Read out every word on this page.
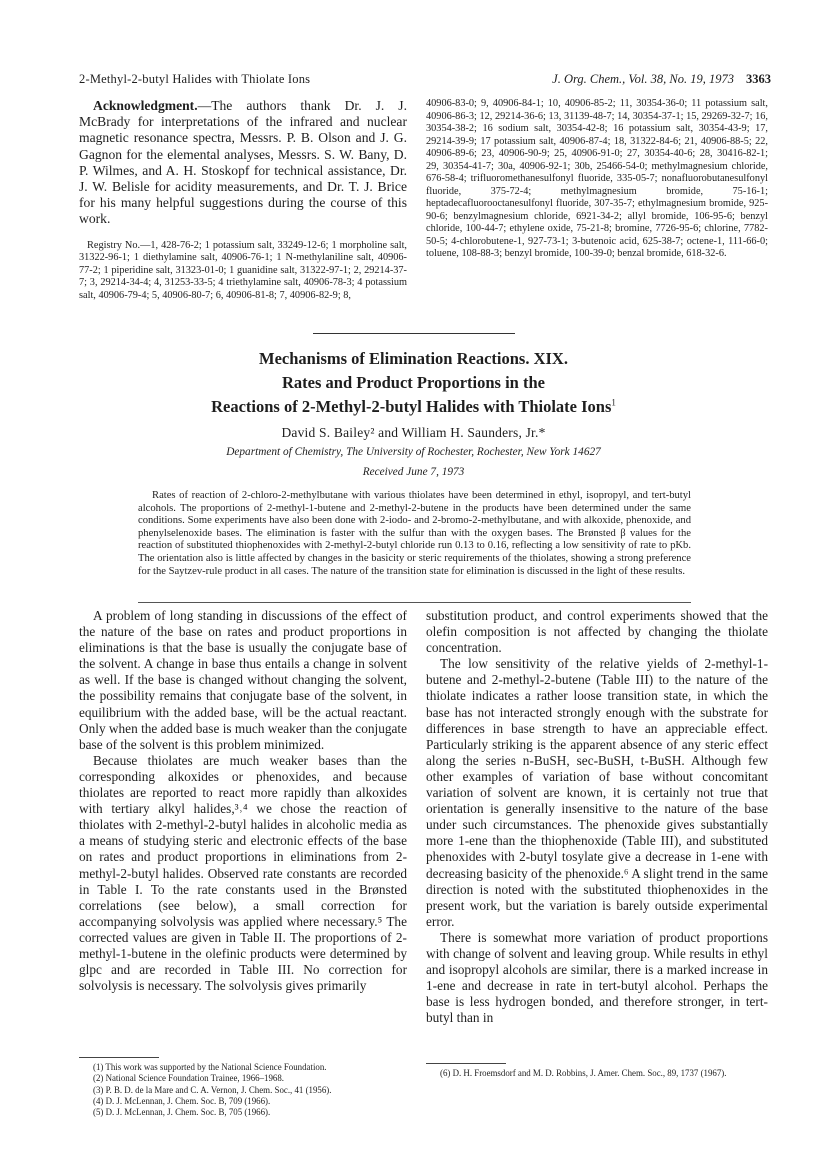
2-Methyl-2-butyl Halides with Thiolate Ions	J. Org. Chem., Vol. 38, No. 19, 1973 3363

Acknowledgment.—The authors thank Dr. J. J. McBrady for interpretations of the infrared and nuclear magnetic resonance spectra, Messrs. P. B. Olson and J. G. Gagnon for the elemental analyses, Messrs. S. W. Bany, D. P. Wilmes, and A. H. Stoskopf for technical assistance, Dr. J. W. Belisle for acidity measurements, and Dr. T. J. Brice for his many helpful suggestions during the course of this work.

Registry No.—1, 428-76-2; 1 potassium salt, 33249-12-6; 1 morpholine salt, 31322-96-1; 1 diethylamine salt, 40906-76-1; 1 N-methylaniline salt, 40906-77-2; 1 piperidine salt, 31323-01-0; 1 guanidine salt, 31322-97-1; 2, 29214-37-7; 3, 29214-34-4; 4, 31253-33-5; 4 triethylamine salt, 40906-78-3; 4 potassium salt, 40906-79-4; 5, 40906-80-7; 6, 40906-81-8; 7, 40906-82-9; 8,

40906-83-0; 9, 40906-84-1; 10, 40906-85-2; 11, 30354-36-0; 11 potassium salt, 40906-86-3; 12, 29214-36-6; 13, 31139-48-7; 14, 30354-37-1; 15, 29269-32-7; 16, 30354-38-2; 16 sodium salt, 30354-42-8; 16 potassium salt, 30354-43-9; 17, 29214-39-9; 17 potassium salt, 40906-87-4; 18, 31322-84-6; 21, 40906-88-5; 22, 40906-89-6; 23, 40906-90-9; 25, 40906-91-0; 27, 30354-40-6; 28, 30416-82-1; 29, 30354-41-7; 30a, 40906-92-1; 30b, 25466-54-0; methylmagnesium chloride, 676-58-4; trifluoromethanesulfonyl fluoride, 335-05-7; nonafluorobutanesulfonyl fluoride, 375-72-4; methylmagnesium bromide, 75-16-1; heptadecafluorooctanesulfonyl fluoride, 307-35-7; ethylmagnesium bromide, 925-90-6; benzylmagnesium chloride, 6921-34-2; allyl bromide, 106-95-6; benzyl chloride, 100-44-7; ethylene oxide, 75-21-8; bromine, 7726-95-6; chlorine, 7782-50-5; 4-chlorobutene-1, 927-73-1; 3-butenoic acid, 625-38-7; octene-1, 111-66-0; toluene, 108-88-3; benzyl bromide, 100-39-0; benzal bromide, 618-32-6.

Mechanisms of Elimination Reactions. XIX.
Rates and Product Proportions in the
Reactions of 2-Methyl-2-butyl Halides with Thiolate Ions$^1$
David S. Bailey² and William H. Saunders, Jr.*
Department of Chemistry, The University of Rochester, Rochester, New York 14627
Received June 7, 1973

Rates of reaction of 2-chloro-2-methylbutane with various thiolates have been determined in ethyl, isopropyl, and tert-butyl alcohols. The proportions of 2-methyl-1-butene and 2-methyl-2-butene in the products have been determined under the same conditions. Some experiments have also been done with 2-iodo- and 2-bromo-2-methylbutane, and with alkoxide, phenoxide, and phenylselenoxide bases. The elimination is faster with the sulfur than with the oxygen bases. The Brønsted β values for the reaction of substituted thiophenoxides with 2-methyl-2-butyl chloride run 0.13 to 0.16, reflecting a low sensitivity of rate to pKb. The orientation also is little affected by changes in the basicity or steric requirements of the thiolates, showing a strong preference for the Saytzev-rule product in all cases. The nature of the transition state for elimination is discussed in the light of these results.

A problem of long standing in discussions of the effect of the nature of the base on rates and product proportions in eliminations is that the base is usually the conjugate base of the solvent. A change in base thus entails a change in solvent as well. If the base is changed without changing the solvent, the possibility remains that conjugate base of the solvent, in equilibrium with the added base, will be the actual reactant. Only when the added base is much weaker than the conjugate base of the solvent is this problem minimized.

Because thiolates are much weaker bases than the corresponding alkoxides or phenoxides, and because thiolates are reported to react more rapidly than alkoxides with tertiary alkyl halides,³˒⁴ we chose the reaction of thiolates with 2-methyl-2-butyl halides in alcoholic media as a means of studying steric and electronic effects of the base on rates and product proportions in eliminations from 2-methyl-2-butyl halides. Observed rate constants are recorded in Table I. To the rate constants used in the Brønsted correlations (see below), a small correction for accompanying solvolysis was applied where necessary.⁵ The corrected values are given in Table II. The proportions of 2-methyl-1-butene in the olefinic products were determined by glpc and are recorded in Table III. No correction for solvolysis is necessary. The solvolysis gives primarily

substitution product, and control experiments showed that the olefin composition is not affected by changing the thiolate concentration.

The low sensitivity of the relative yields of 2-methyl-1-butene and 2-methyl-2-butene (Table III) to the nature of the thiolate indicates a rather loose transition state, in which the base has not interacted strongly enough with the substrate for differences in base strength to have an appreciable effect. Particularly striking is the apparent absence of any steric effect along the series n-BuSH, sec-BuSH, t-BuSH. Although few other examples of variation of base without concomitant variation of solvent are known, it is certainly not true that orientation is generally insensitive to the nature of the base under such circumstances. The phenoxide gives substantially more 1-ene than the thiophenoxide (Table III), and substituted phenoxides with 2-butyl tosylate give a decrease in 1-ene with decreasing basicity of the phenoxide.⁶ A slight trend in the same direction is noted with the substituted thiophenoxides in the present work, but the variation is barely outside experimental error.

There is somewhat more variation of product proportions with change of solvent and leaving group. While results in ethyl and isopropyl alcohols are similar, there is a marked increase in 1-ene and decrease in rate in tert-butyl alcohol. Perhaps the base is less hydrogen bonded, and therefore stronger, in tert-butyl than in

(1) This work was supported by the National Science Foundation.
(2) National Science Foundation Trainee, 1966–1968.
(3) P. B. D. de la Mare and C. A. Vernon, J. Chem. Soc., 41 (1956).
(4) D. J. McLennan, J. Chem. Soc. B, 709 (1966).
(5) D. J. McLennan, J. Chem. Soc. B, 705 (1966).

(6) D. H. Froemsdorf and M. D. Robbins, J. Amer. Chem. Soc., 89, 1737 (1967).
